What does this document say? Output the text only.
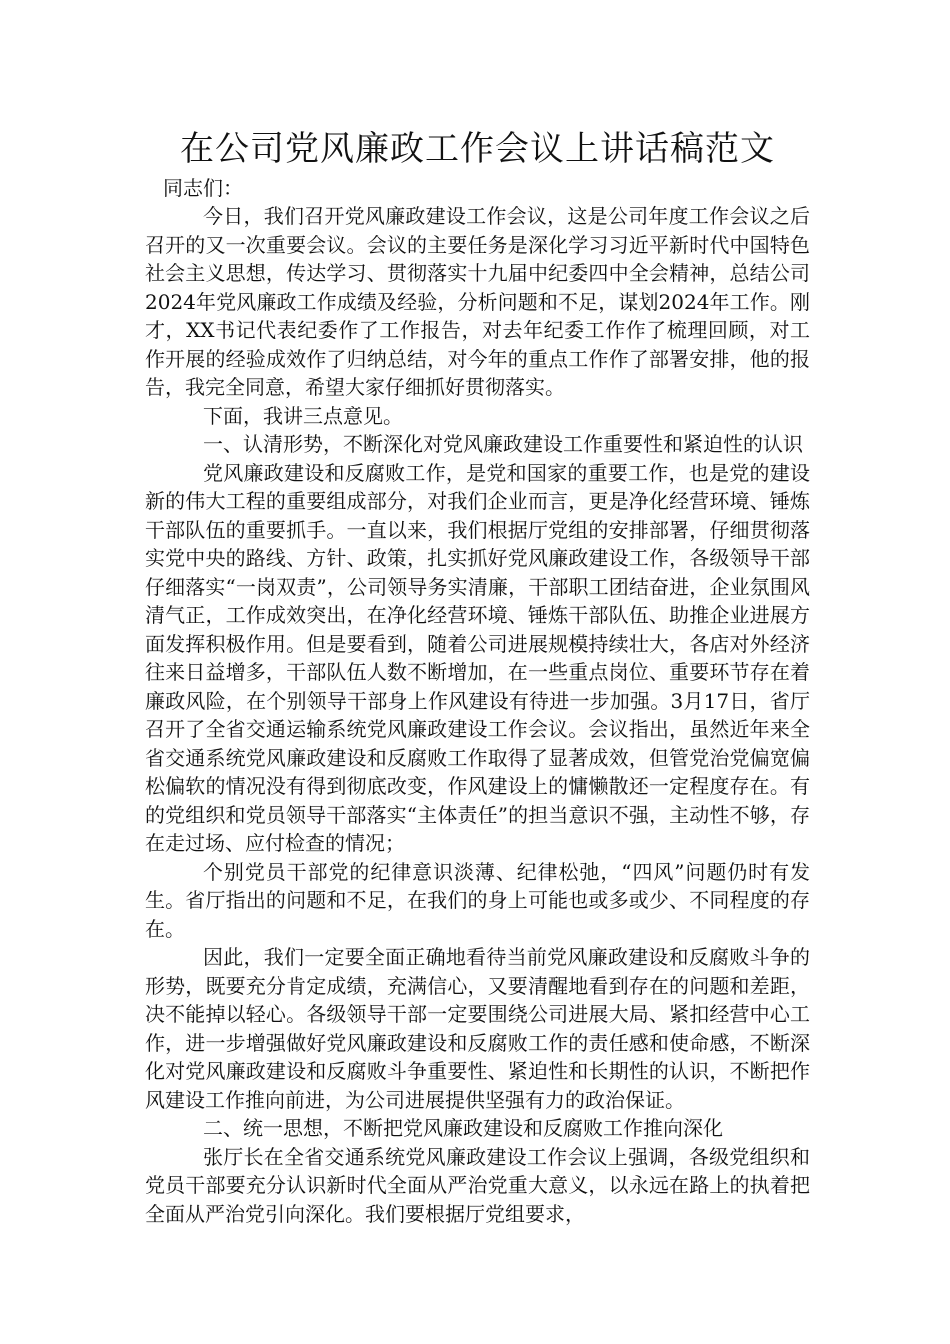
在公司党风廉政工作会议上讲话稿范文

同志们：

今日，我们召开党风廉政建设工作会议，这是公司年度工作会议之后召开的又一次重要会议。会议的主要任务是深化学习习近平新时代中国特色社会主义思想，传达学习、贯彻落实十九届中纪委四中全会精神，总结公司2024年党风廉政工作成绩及经验，分析问题和不足，谋划2024年工作。刚才，XX书记代表纪委作了工作报告，对去年纪委工作作了梳理回顾，对工作开展的经验成效作了归纳总结，对今年的重点工作作了部署安排，他的报告，我完全同意，希望大家仔细抓好贯彻落实。

下面，我讲三点意见。

一、认清形势，不断深化对党风廉政建设工作重要性和紧迫性的认识

党风廉政建设和反腐败工作，是党和国家的重要工作，也是党的建设新的伟大工程的重要组成部分，对我们企业而言，更是净化经营环境、锤炼干部队伍的重要抓手。一直以来，我们根据厅党组的安排部署，仔细贯彻落实党中央的路线、方针、政策，扎实抓好党风廉政建设工作，各级领导干部仔细落实“一岗双责”，公司领导务实清廉，干部职工团结奋进，企业氛围风清气正，工作成效突出，在净化经营环境、锤炼干部队伍、助推企业进展方面发挥积极作用。但是要看到，随着公司进展规模持续壮大，各店对外经济往来日益增多，干部队伍人数不断增加，在一些重点岗位、重要环节存在着廉政风险，在个别领导干部身上作风建设有待进一步加强。3月17日，省厅召开了全省交通运输系统党风廉政建设工作会议。会议指出，虽然近年来全省交通系统党风廉政建设和反腐败工作取得了显著成效，但管党治党偏宽偏松偏软的情况没有得到彻底改变，作风建设上的慵懒散还一定程度存在。有的党组织和党员领导干部落实“主体责任”的担当意识不强，主动性不够，存在走过场、应付检查的情况；

个别党员干部党的纪律意识淡薄、纪律松弛，“四风”问题仍时有发生。省厅指出的问题和不足，在我们的身上可能也或多或少、不同程度的存在。

因此，我们一定要全面正确地看待当前党风廉政建设和反腐败斗争的形势，既要充分肯定成绩，充满信心，又要清醒地看到存在的问题和差距，决不能掉以轻心。各级领导干部一定要围绕公司进展大局、紧扣经营中心工作，进一步增强做好党风廉政建设和反腐败工作的责任感和使命感，不断深化对党风廉政建设和反腐败斗争重要性、紧迫性和长期性的认识，不断把作风建设工作推向前进，为公司进展提供坚强有力的政治保证。

二、统一思想，不断把党风廉政建设和反腐败工作推向深化

张厅长在全省交通系统党风廉政建设工作会议上强调，各级党组织和党员干部要充分认识新时代全面从严治党重大意义，以永远在路上的执着把全面从严治党引向深化。我们要根据厅党组要求，
